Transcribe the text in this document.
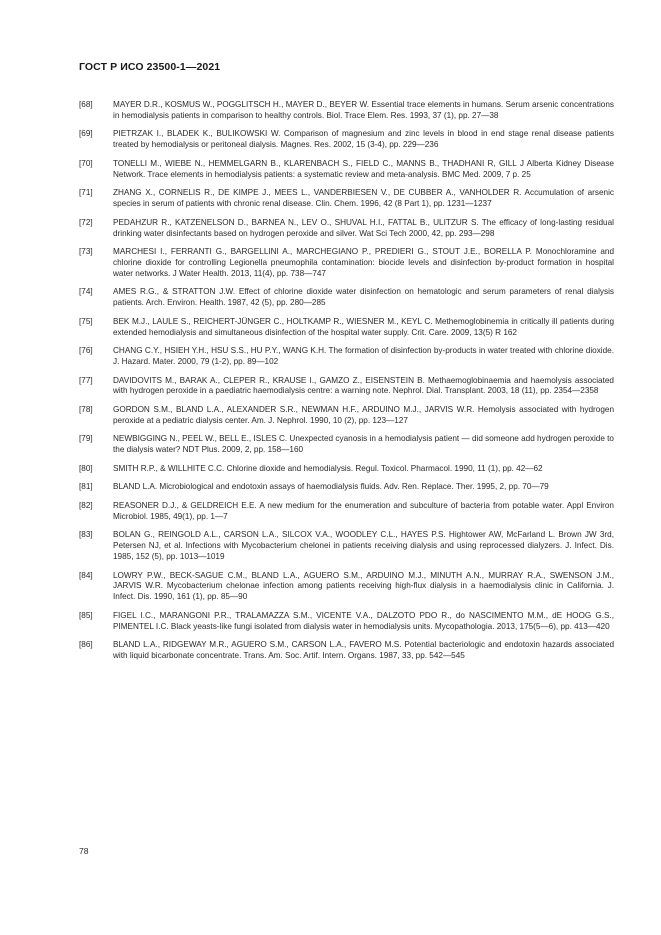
ГОСТ Р ИСО 23500-1—2021
[68]	MAYER D.R., KOSMUS W., POGGLITSCH H., MAYER D., BEYER W. Essential trace elements in humans. Serum arsenic concentrations in hemodialysis patients in comparison to healthy controls. Biol. Trace Elem. Res. 1993, 37 (1), pp. 27—38
[69]	PIETRZAK I., BLADEK K., BULIKOWSKI W. Comparison of magnesium and zinc levels in blood in end stage renal disease patients treated by hemodialysis or peritoneal dialysis. Magnes. Res. 2002, 15 (3-4), pp. 229—236
[70]	TONELLI M., WIEBE N., HEMMELGARN B., KLARENBACH S., FIELD C., MANNS B., THADHANI R, GILL J Alberta Kidney Disease Network. Trace elements in hemodialysis patients: a systematic review and meta-analysis. BMC Med. 2009, 7 p. 25
[71]	ZHANG X., CORNELIS R., DE KIMPE J., MEES L., VANDERBIESEN V., DE CUBBER A., VANHOLDER R. Accumulation of arsenic species in serum of patients with chronic renal disease. Clin. Chem. 1996, 42 (8 Part 1), pp. 1231—1237
[72]	PEDAHZUR R., KATZENELSON D., BARNEA N., LEV O., SHUVAL H.I., FATTAL B., ULITZUR S. The efficacy of long-lasting residual drinking water disinfectants based on hydrogen peroxide and silver. Wat Sci Tech 2000, 42, pp. 293—298
[73]	MARCHESI I., FERRANTI G., BARGELLINI A., MARCHEGIANO P., PREDIERI G., STOUT J.E., BORELLA P. Monochloramine and chlorine dioxide for controlling Legionella pneumophila contamination: biocide levels and disinfection by-product formation in hospital water networks. J Water Health. 2013, 11(4), pp. 738—747
[74]	AMES R.G., & STRATTON J.W. Effect of chlorine dioxide water disinfection on hematologic and serum parameters of renal dialysis patients. Arch. Environ. Health. 1987, 42 (5), pp. 280—285
[75]	BEK M.J., LAULE S., REICHERT-JÜNGER C., HOLTKAMP R., WIESNER M., KEYL C. Methemoglobinemia in critically ill patients during extended hemodialysis and simultaneous disinfection of the hospital water supply. Crit. Care. 2009, 13(5) R 162
[76]	CHANG C.Y., HSIEH Y.H., HSU S.S., HU P.Y., WANG K.H. The formation of disinfection by-products in water treated with chlorine dioxide. J. Hazard. Mater. 2000, 79 (1-2), pp. 89—102
[77]	DAVIDOVITS M., BARAK A., CLEPER R., KRAUSE I., GAMZO Z., EISENSTEIN B. Methaemoglobinaemia and haemolysis associated with hydrogen peroxide in a paediatric haemodialysis centre: a warning note. Nephrol. Dial. Transplant. 2003, 18 (11), pp. 2354—2358
[78]	GORDON S.M., BLAND L.A., ALEXANDER S.R., NEWMAN H.F., ARDUINO M.J., JARVIS W.R. Hemolysis associated with hydrogen peroxide at a pediatric dialysis center. Am. J. Nephrol. 1990, 10 (2), pp. 123—127
[79]	NEWBIGGING N., PEEL W., BELL E., ISLES C. Unexpected cyanosis in a hemodialysis patient — did someone add hydrogen peroxide to the dialysis water? NDT Plus. 2009, 2, pp. 158—160
[80]	SMITH R.P., & WILLHITE C.C. Chlorine dioxide and hemodialysis. Regul. Toxicol. Pharmacol. 1990, 11 (1), pp. 42—62
[81]	BLAND L.A. Microbiological and endotoxin assays of haemodialysis fluids. Adv. Ren. Replace. Ther. 1995, 2, pp. 70—79
[82]	REASONER D.J., & GELDREICH E.E. A new medium for the enumeration and subculture of bacteria from potable water. Appl Environ Microbiol. 1985, 49(1), pp. 1—7
[83]	BOLAN G., REINGOLD A.L., CARSON L.A., SILCOX V.A., WOODLEY C.L., HAYES P.S. Hightower AW, McFarland L. Brown JW 3rd, Petersen NJ, et al. Infections with Mycobacterium chelonei in patients receiving dialysis and using reprocessed dialyzers. J. Infect. Dis. 1985, 152 (5), pp. 1013—1019
[84]	LOWRY P.W., BECK-SAGUE C.M., BLAND L.A., AGUERO S.M., ARDUINO M.J., MINUTH A.N., MURRAY R.A., SWENSON J.M., JARVIS W.R. Mycobacterium chelonae infection among patients receiving high-flux dialysis in a haemodialysis clinic in California. J. Infect. Dis. 1990, 161 (1), pp. 85—90
[85]	FIGEL I.C., MARANGONI P.R., TRALAMAZZA S.M., VICENTE V.A., DALZOTO PDO R., do NASCIMENTO M.M., dE HOOG G.S., PIMENTEL I.C. Black yeasts-like fungi isolated from dialysis water in hemodialysis units. Mycopathologia. 2013, 175(5—6), pp. 413—420
[86]	BLAND L.A., RIDGEWAY M.R., AGUERO S.M., CARSON L.A., FAVERO M.S. Potential bacteriologic and endotoxin hazards associated with liquid bicarbonate concentrate. Trans. Am. Soc. Artif. Intern. Organs. 1987, 33, pp. 542—545
78
